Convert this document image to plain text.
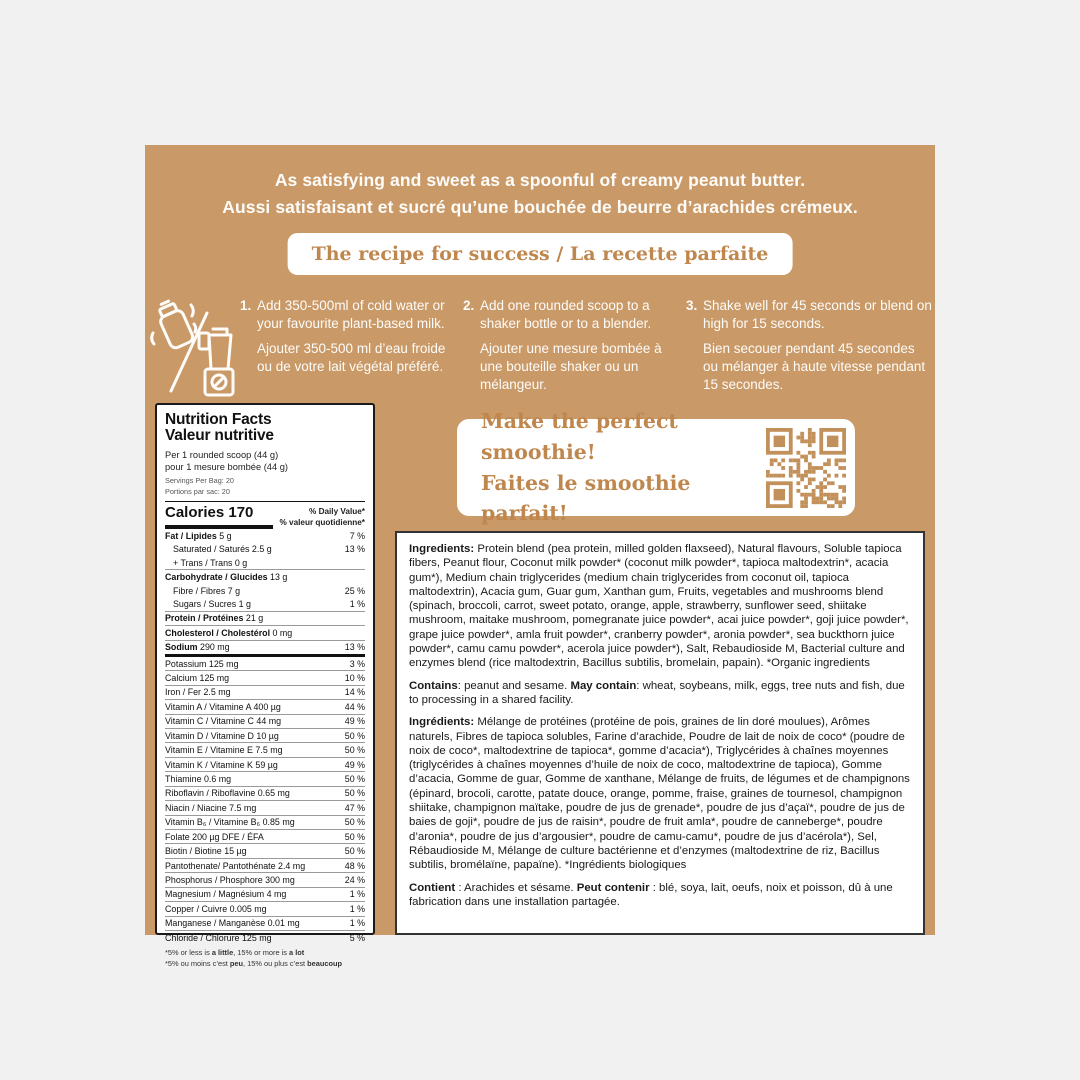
As satisfying and sweet as a spoonful of creamy peanut butter.
Aussi satisfaisant et sucré qu’une bouchée de beurre d’arachides crémeux.
The recipe for success / La recette parfaite
1. Add 350-500ml of cold water or your favourite plant-based milk.
Ajouter 350-500 ml d’eau froide ou de votre lait végétal préféré.
2. Add one rounded scoop to a shaker bottle or to a blender.
Ajouter une mesure bombée à une bouteille shaker ou un mélangeur.
3. Shake well for 45 seconds or blend on high for 15 seconds.
Bien secouer pendant 45 secondes ou mélanger à haute vitesse pendant 15 secondes.
Nutrition Facts
Valeur nutritive
Per 1 rounded scoop (44 g)
pour 1 mesure bombée (44 g)
Servings Per Bag: 20
Portions par sac: 20
Calories 170	% Daily Value*
% valeur quotidienne*
Fat / Lipides 5 g	7 %
Saturated / Saturés 2.5 g	13 %
+ Trans / Trans 0 g
Carbohydrate / Glucides 13 g
Fibre / Fibres 7 g	25 %
Sugars / Sucres 1 g	1 %
Protein / Protéines 21 g
Cholesterol / Cholestérol 0 mg
Sodium 290 mg	13 %
Potassium 125 mg	3 %
Calcium 125 mg	10 %
Iron / Fer 2.5 mg	14 %
Vitamin A / Vitamine A 400 µg	44 %
Vitamin C / Vitamine C 44 mg	49 %
Vitamin D / Vitamine D 10 µg	50 %
Vitamin E / Vitamine E 7.5 mg	50 %
Vitamin K / Vitamine K 59 µg	49 %
Thiamine 0.6 mg	50 %
Riboflavin / Riboflavine 0.65 mg	50 %
Niacin / Niacine 7.5 mg	47 %
Vitamin B₆ / Vitamine B₆ 0.85 mg	50 %
Folate 200 µg DFE / ÉFA	50 %
Biotin / Biotine 15 µg	50 %
Pantothenate/ Pantothénate 2.4 mg	48 %
Phosphorus / Phosphore 300 mg	24 %
Magnesium / Magnésium 4 mg	1 %
Copper / Cuivre 0.005 mg	1 %
Manganese / Manganèse 0.01 mg	1 %
Chloride / Chlorure 125 mg	5 %
*5% or less is a little, 15% or more is a lot
*5% ou moins c’est peu, 15% ou plus c’est beaucoup
Make the perfect smoothie!
Faites le smoothie parfait!

Ingredients: Protein blend (pea protein, milled golden flaxseed), Natural flavours, Soluble tapioca fibers, Peanut flour, Coconut milk powder* (coconut milk powder*, tapioca maltodextrin*, acacia gum*), Medium chain triglycerides (medium chain triglycerides from coconut oil, tapioca maltodextrin), Acacia gum, Guar gum, Xanthan gum, Fruits, vegetables and mushrooms blend (spinach, broccoli, carrot, sweet potato, orange, apple, strawberry, sunflower seed, shiitake mushroom, maitake mushroom, pomegranate juice powder*, acai juice powder*, goji juice powder*, grape juice powder*, amla fruit powder*, cranberry powder*, aronia powder*, sea buckthorn juice powder*, camu camu powder*, acerola juice powder*), Salt, Rebaudioside M, Bacterial culture and enzymes blend (rice maltodextrin, Bacillus subtilis, bromelain, papain). *Organic ingredients

Contains: peanut and sesame. May contain: wheat, soybeans, milk, eggs, tree nuts and fish, due to processing in a shared facility.

Ingrédients: Mélange de protéines (protéine de pois, graines de lin doré moulues), Arômes naturels, Fibres de tapioca solubles, Farine d’arachide, Poudre de lait de noix de coco* (poudre de noix de coco*, maltodextrine de tapioca*, gomme d’acacia*), Triglycérides à chaînes moyennes (triglycérides à chaînes moyennes d’huile de noix de coco, maltodextrine de tapioca), Gomme d’acacia, Gomme de guar, Gomme de xanthane, Mélange de fruits, de légumes et de champignons (épinard, brocoli, carotte, patate douce, orange, pomme, fraise, graines de tournesol, champignon shiitake, champignon maïtake, poudre de jus de grenade*, poudre de jus d’açaï*, poudre de jus de baies de goji*, poudre de jus de raisin*, poudre de fruit amla*, poudre de canneberge*, poudre d’aronia*, poudre de jus d’argousier*, poudre de camu-camu*, poudre de jus d’acérola*), Sel, Rébaudioside M, Mélange de culture bactérienne et d’enzymes (maltodextrine de riz, Bacillus subtilis, bromélaïne, papaïne). *Ingrédients biologiques

Contient : Arachides et sésame. Peut contenir : blé, soya, lait, oeufs, noix et poisson, dû à une fabrication dans une installation partagée.
